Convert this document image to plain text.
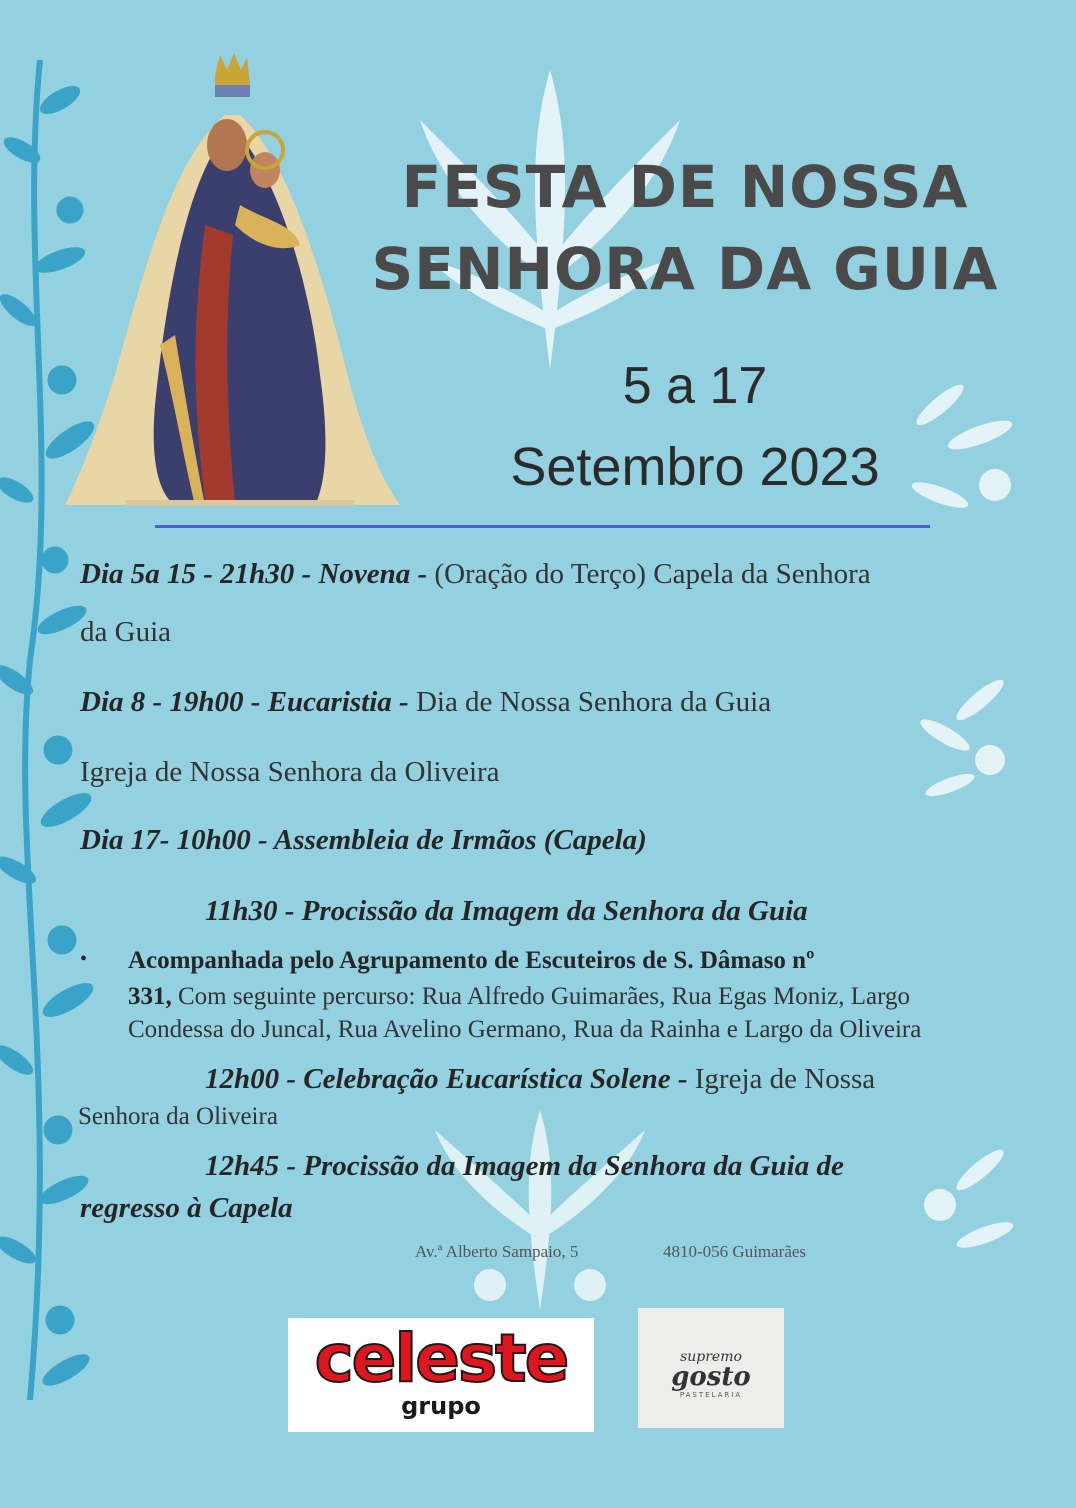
FESTA DE NOSSA
SENHORA DA GUIA
5 a 17
Setembro 2023
Dia 5a 15 - 21h30 - Novena - (Oração do Terço) Capela da Senhora
da Guia
Dia 8 - 19h00 - Eucaristia - Dia de Nossa Senhora da Guia
Igreja de Nossa Senhora da Oliveira
Dia 17- 10h00 - Assembleia de Irmãos (Capela)
11h30 - Procissão da Imagem da Senhora da Guia
• Acompanhada pelo Agrupamento de Escuteiros de S. Dâmaso nº
331, Com seguinte percurso: Rua Alfredo Guimarães, Rua Egas Moniz, Largo
Condessa do Juncal, Rua Avelino Germano, Rua da Rainha e Largo da Oliveira
12h00 - Celebração Eucarística Solene - Igreja de Nossa
Senhora da Oliveira
12h45 - Procissão da Imagem da Senhora da Guia de
regresso à Capela
Av.ª Alberto Sampaio, 5	4810-056 Guimarães
celeste
grupo
supremo
gosto
PASTELARIA
